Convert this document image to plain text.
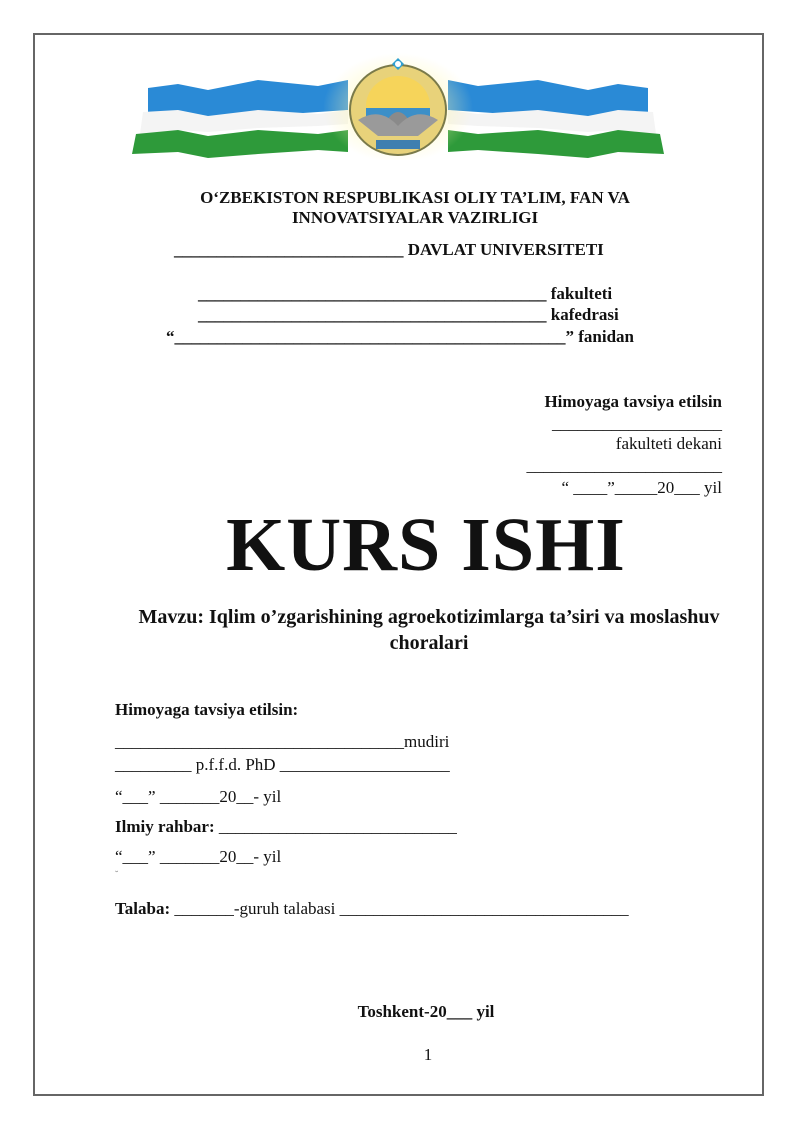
O‘ZBEKISTON RESPUBLIKASI OLIY TA’LIM, FAN VA
INNOVATSIYALAR VAZIRLIGI
___________________________ DAVLAT UNIVERSITETI
_________________________________________ fakulteti
_________________________________________ kafedrasi
“______________________________________________” fanidan
Himoyaga tavsiya etilsin
____________________
fakulteti dekani
_______________________
“ ____”_____20___ yil
KURS ISHI
Mavzu: Iqlim o’zgarishining agroekotizimlarga ta’siri va moslashuv
choralari
Himoyaga tavsiya etilsin:
__________________________________mudiri
_________ p.f.f.d. PhD ____________________
“___” _______20__- yil
Ilmiy rahbar: ____________________________
“___” _______20__- yil
˘
Talaba: _______-guruh talabasi __________________________________
Toshkent-20___ yil
1
